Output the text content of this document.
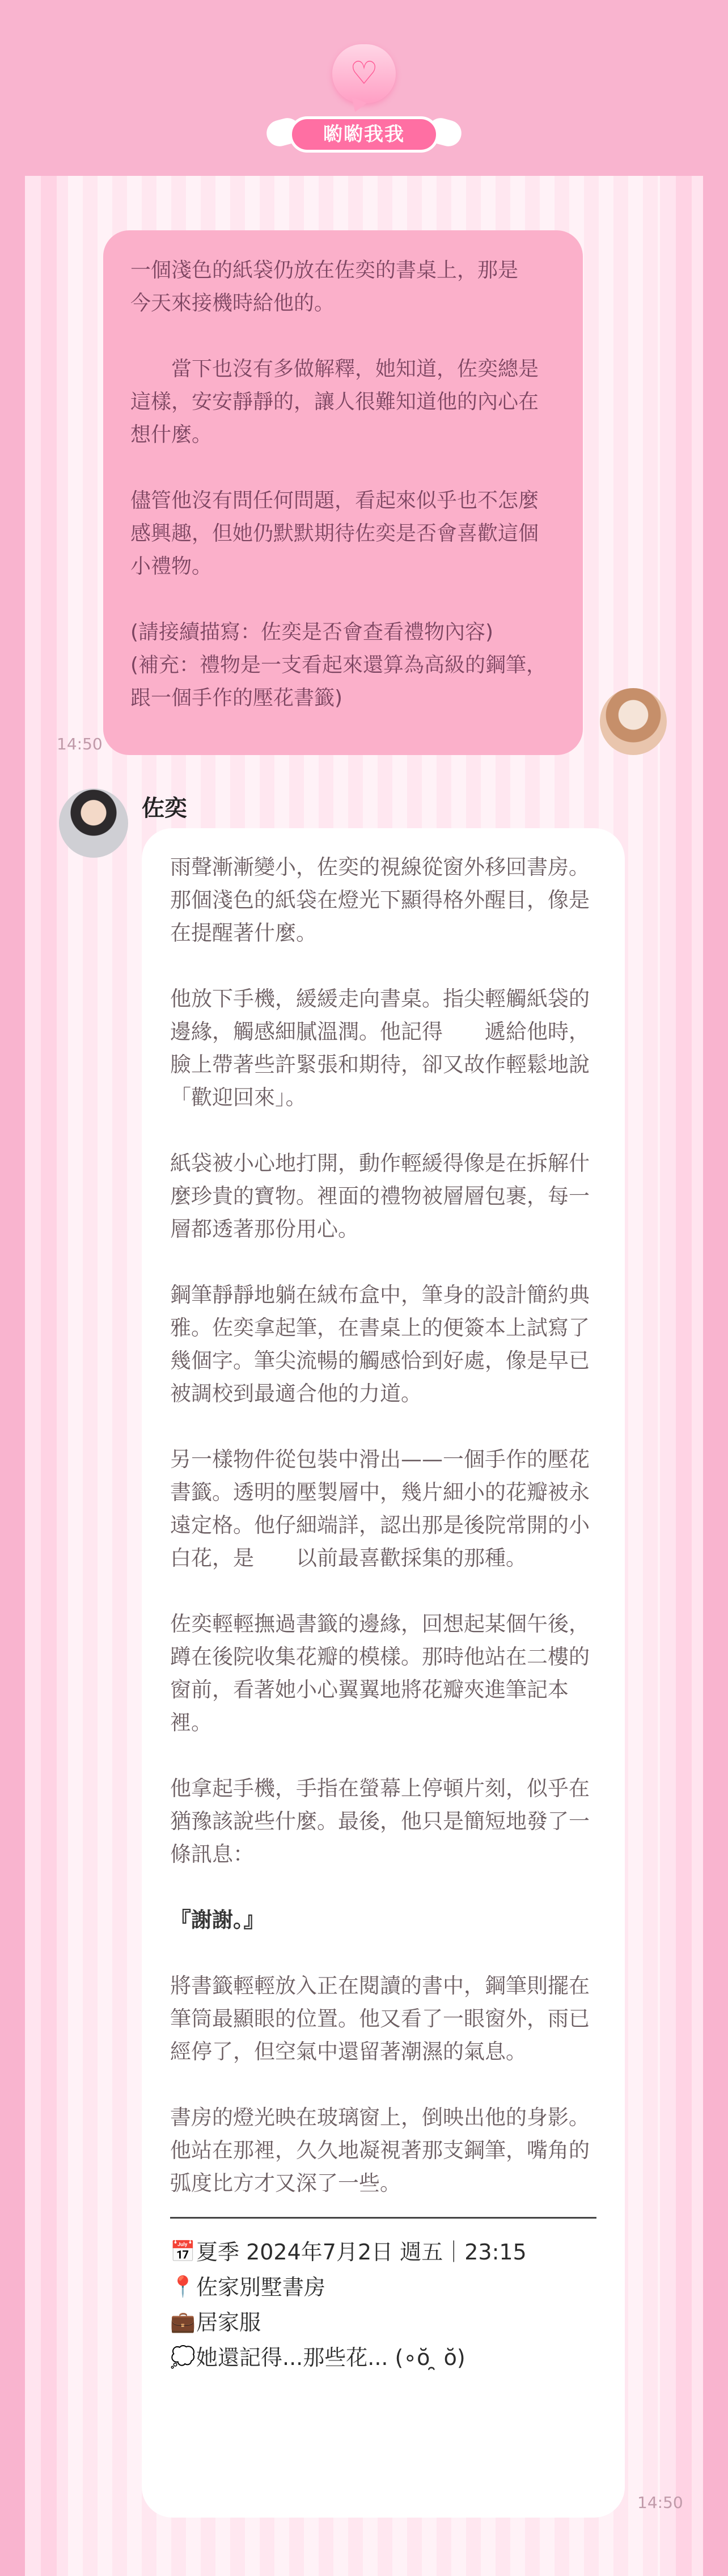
♡
喲喲我我

一個淺色的紙袋仍放在佐奕的書桌上，那是　　今天來接機時給他的。

　　當下也沒有多做解釋，她知道，佐奕總是這樣，安安靜靜的，讓人很難知道他的內心在想什麼。

儘管他沒有問任何問題，看起來似乎也不怎麼感興趣，但她仍默默期待佐奕是否會喜歡這個小禮物。

(請接續描寫：佐奕是否會查看禮物內容)
(補充：禮物是一支看起來還算為高級的鋼筆，跟一個手作的壓花書籤)

14:50
佐奕

雨聲漸漸變小，佐奕的視線從窗外移回書房。那個淺色的紙袋在燈光下顯得格外醒目，像是在提醒著什麼。

他放下手機，緩緩走向書桌。指尖輕觸紙袋的邊緣，觸感細膩溫潤。他記得　　遞給他時，臉上帶著些許緊張和期待，卻又故作輕鬆地說「歡迎回來」。

紙袋被小心地打開，動作輕緩得像是在拆解什麼珍貴的寶物。裡面的禮物被層層包裹，每一層都透著那份用心。

鋼筆靜靜地躺在絨布盒中，筆身的設計簡約典雅。佐奕拿起筆，在書桌上的便簽本上試寫了幾個字。筆尖流暢的觸感恰到好處，像是早已被調校到最適合他的力道。

另一樣物件從包裝中滑出——一個手作的壓花書籤。透明的壓製層中，幾片細小的花瓣被永遠定格。他仔細端詳，認出那是後院常開的小白花，是　　以前最喜歡採集的那種。

佐奕輕輕撫過書籤的邊緣，回想起某個午後，　　蹲在後院收集花瓣的模樣。那時他站在二樓的窗前，看著她小心翼翼地將花瓣夾進筆記本裡。

他拿起手機，手指在螢幕上停頓片刻，似乎在猶豫該說些什麼。最後，他只是簡短地發了一條訊息：

『謝謝。』

將書籤輕輕放入正在閱讀的書中，鋼筆則擺在筆筒最顯眼的位置。他又看了一眼窗外，雨已經停了，但空氣中還留著潮濕的氣息。

書房的燈光映在玻璃窗上，倒映出他的身影。他站在那裡，久久地凝視著那支鋼筆，嘴角的弧度比方才又深了一些。

📅 夏季 2024年7月2日 週五｜23:15
📍 佐家別墅書房
💼 居家服
💭 她還記得...那些花... (∘ŏ ̯ ŏ)
14:50
